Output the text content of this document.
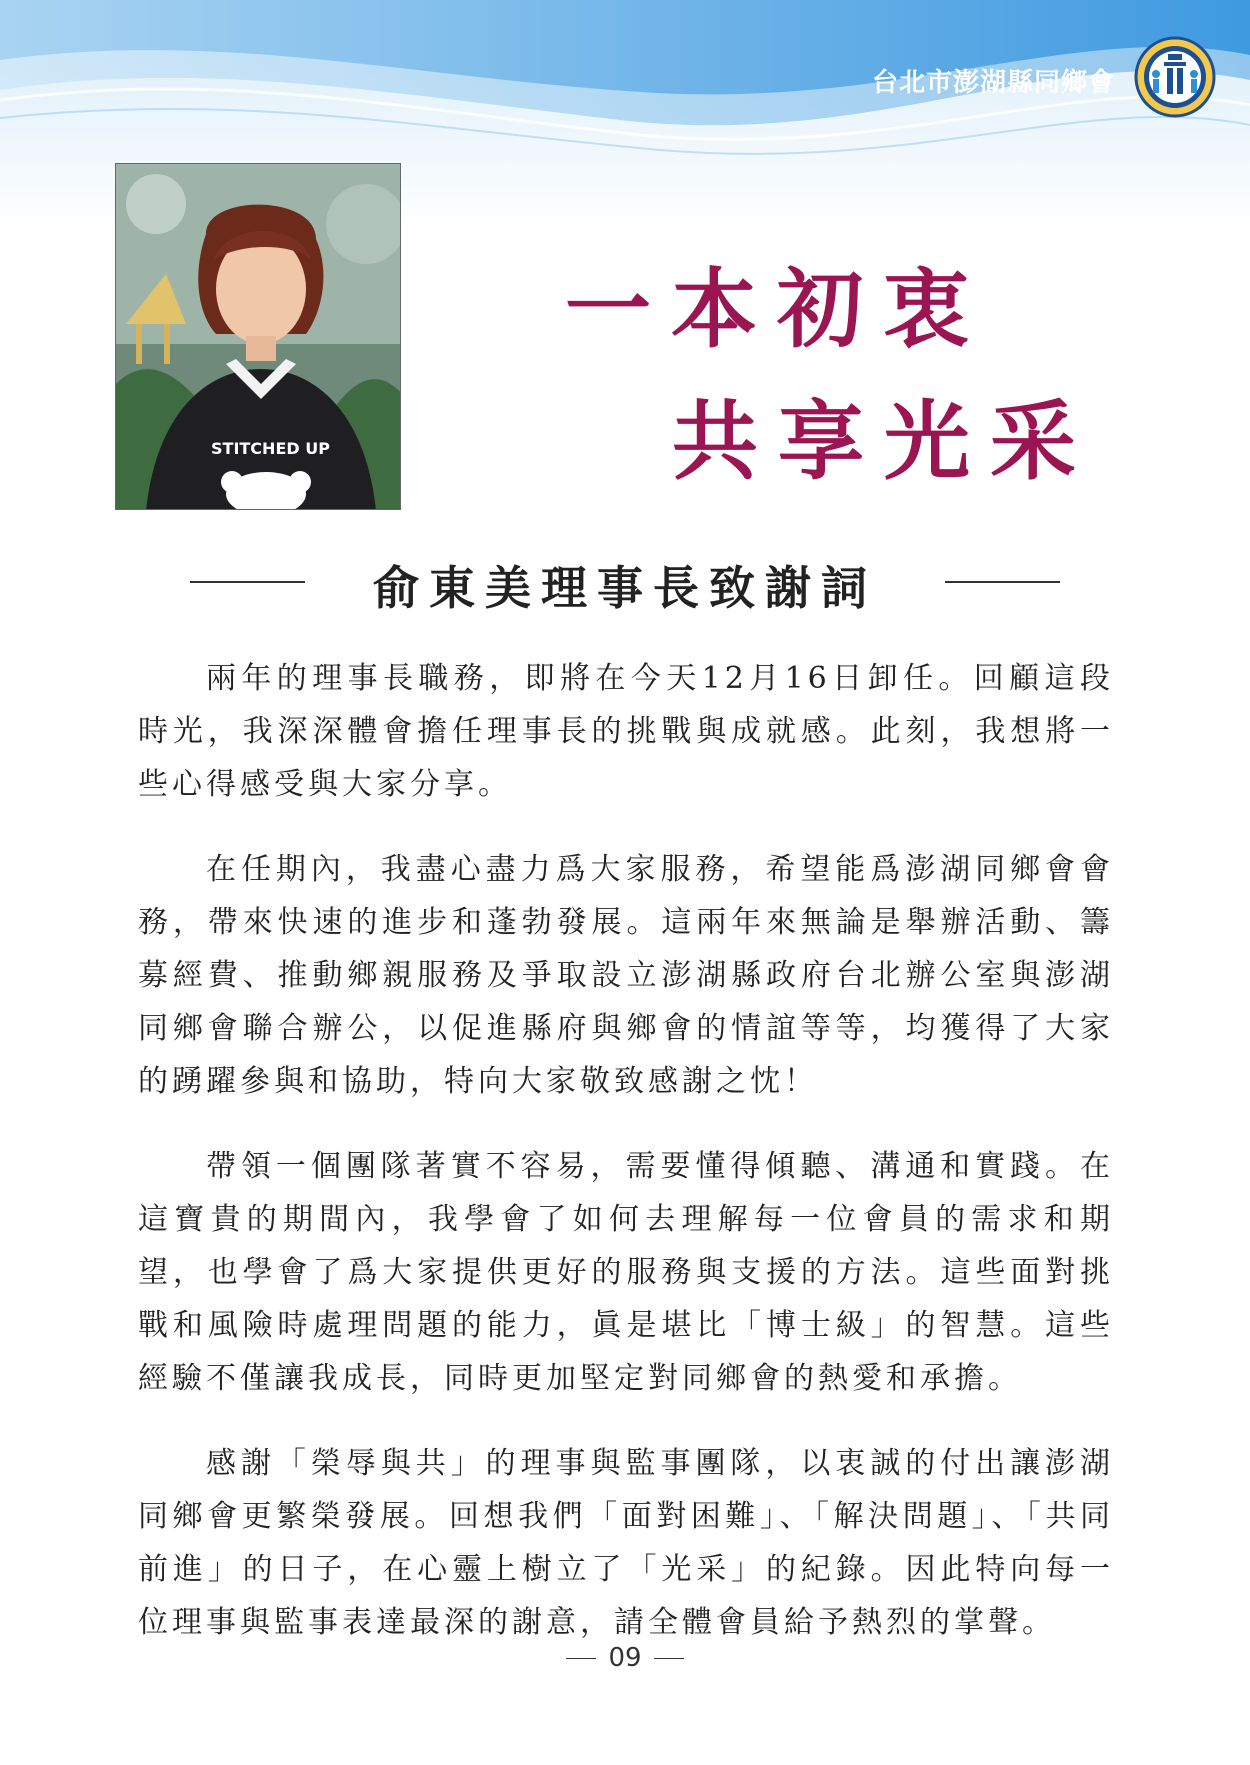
台北市澎湖縣同鄉會
STITCHED UP
一本初衷
共享光采
俞東美理事長致謝詞

兩年的理事長職務，即將在今天12月16日卸任。回顧這段時光，我深深體會擔任理事長的挑戰與成就感。此刻，我想將一些心得感受與大家分享。

在任期內，我盡心盡力爲大家服務，希望能爲澎湖同鄉會會務，帶來快速的進步和蓬勃發展。這兩年來無論是舉辦活動、籌募經費、推動鄉親服務及爭取設立澎湖縣政府台北辦公室與澎湖同鄉會聯合辦公，以促進縣府與鄉會的情誼等等，均獲得了大家的踴躍參與和協助，特向大家敬致感謝之忱！

帶領一個團隊著實不容易，需要懂得傾聽、溝通和實踐。在這寶貴的期間內，我學會了如何去理解每一位會員的需求和期望，也學會了爲大家提供更好的服務與支援的方法。這些面對挑戰和風險時處理問題的能力，眞是堪比「博士級」的智慧。這些經驗不僅讓我成長，同時更加堅定對同鄉會的熱愛和承擔。

感謝「榮辱與共」的理事與監事團隊，以衷誠的付出讓澎湖同鄉會更繁榮發展。回想我們「面對困難」、「解決問題」、「共同前進」的日子，在心靈上樹立了「光采」的紀錄。因此特向每一位理事與監事表達最深的謝意，請全體會員給予熱烈的掌聲。

09
